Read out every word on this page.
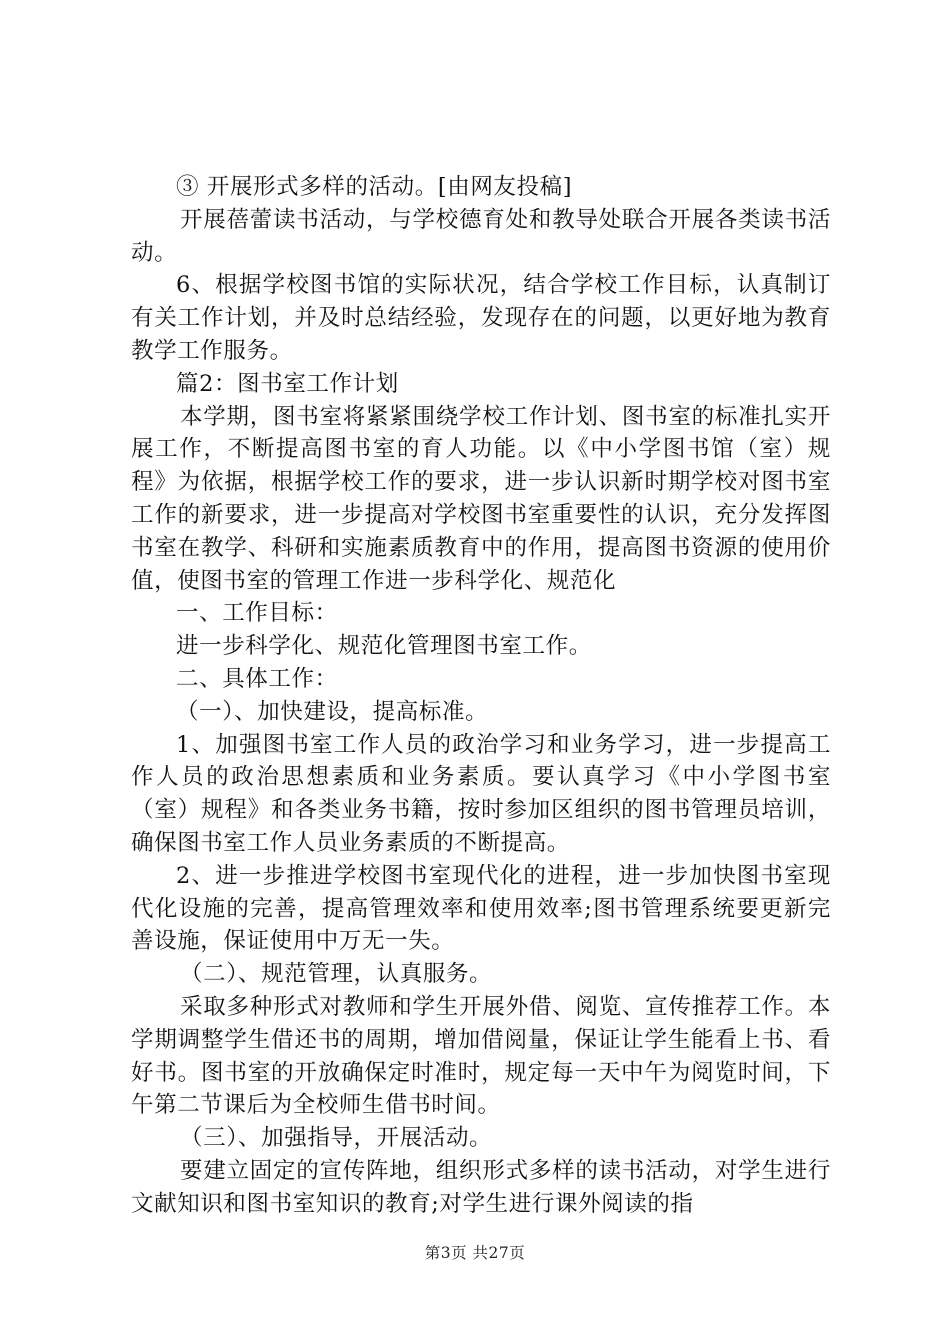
③ 开展形式多样的活动。[由网友投稿]

开展蓓蕾读书活动，与学校德育处和教导处联合开展各类读书活动。

6、根据学校图书馆的实际状况，结合学校工作目标，认真制订有关工作计划，并及时总结经验，发现存在的问题，以更好地为教育教学工作服务。

篇2：图书室工作计划

本学期，图书室将紧紧围绕学校工作计划、图书室的标准扎实开展工作，不断提高图书室的育人功能。以《中小学图书馆（室）规程》为依据，根据学校工作的要求，进一步认识新时期学校对图书室工作的新要求，进一步提高对学校图书室重要性的认识，充分发挥图书室在教学、科研和实施素质教育中的作用，提高图书资源的使用价值，使图书室的管理工作进一步科学化、规范化

一、工作目标：

进一步科学化、规范化管理图书室工作。

二、具体工作：

（一）、加快建设，提高标准。

1、加强图书室工作人员的政治学习和业务学习，进一步提高工作人员的政治思想素质和业务素质。要认真学习《中小学图书室（室）规程》和各类业务书籍，按时参加区组织的图书管理员培训，确保图书室工作人员业务素质的不断提高。

2、进一步推进学校图书室现代化的进程，进一步加快图书室现代化设施的完善，提高管理效率和使用效率;图书管理系统要更新完善设施，保证使用中万无一失。

（二）、规范管理，认真服务。

采取多种形式对教师和学生开展外借、阅览、宣传推荐工作。本学期调整学生借还书的周期，增加借阅量，保证让学生能看上书、看好书。图书室的开放确保定时准时，规定每一天中午为阅览时间，下午第二节课后为全校师生借书时间。

（三）、加强指导，开展活动。

要建立固定的宣传阵地，组织形式多样的读书活动，对学生进行文献知识和图书室知识的教育;对学生进行课外阅读的指

第3页 共27页
